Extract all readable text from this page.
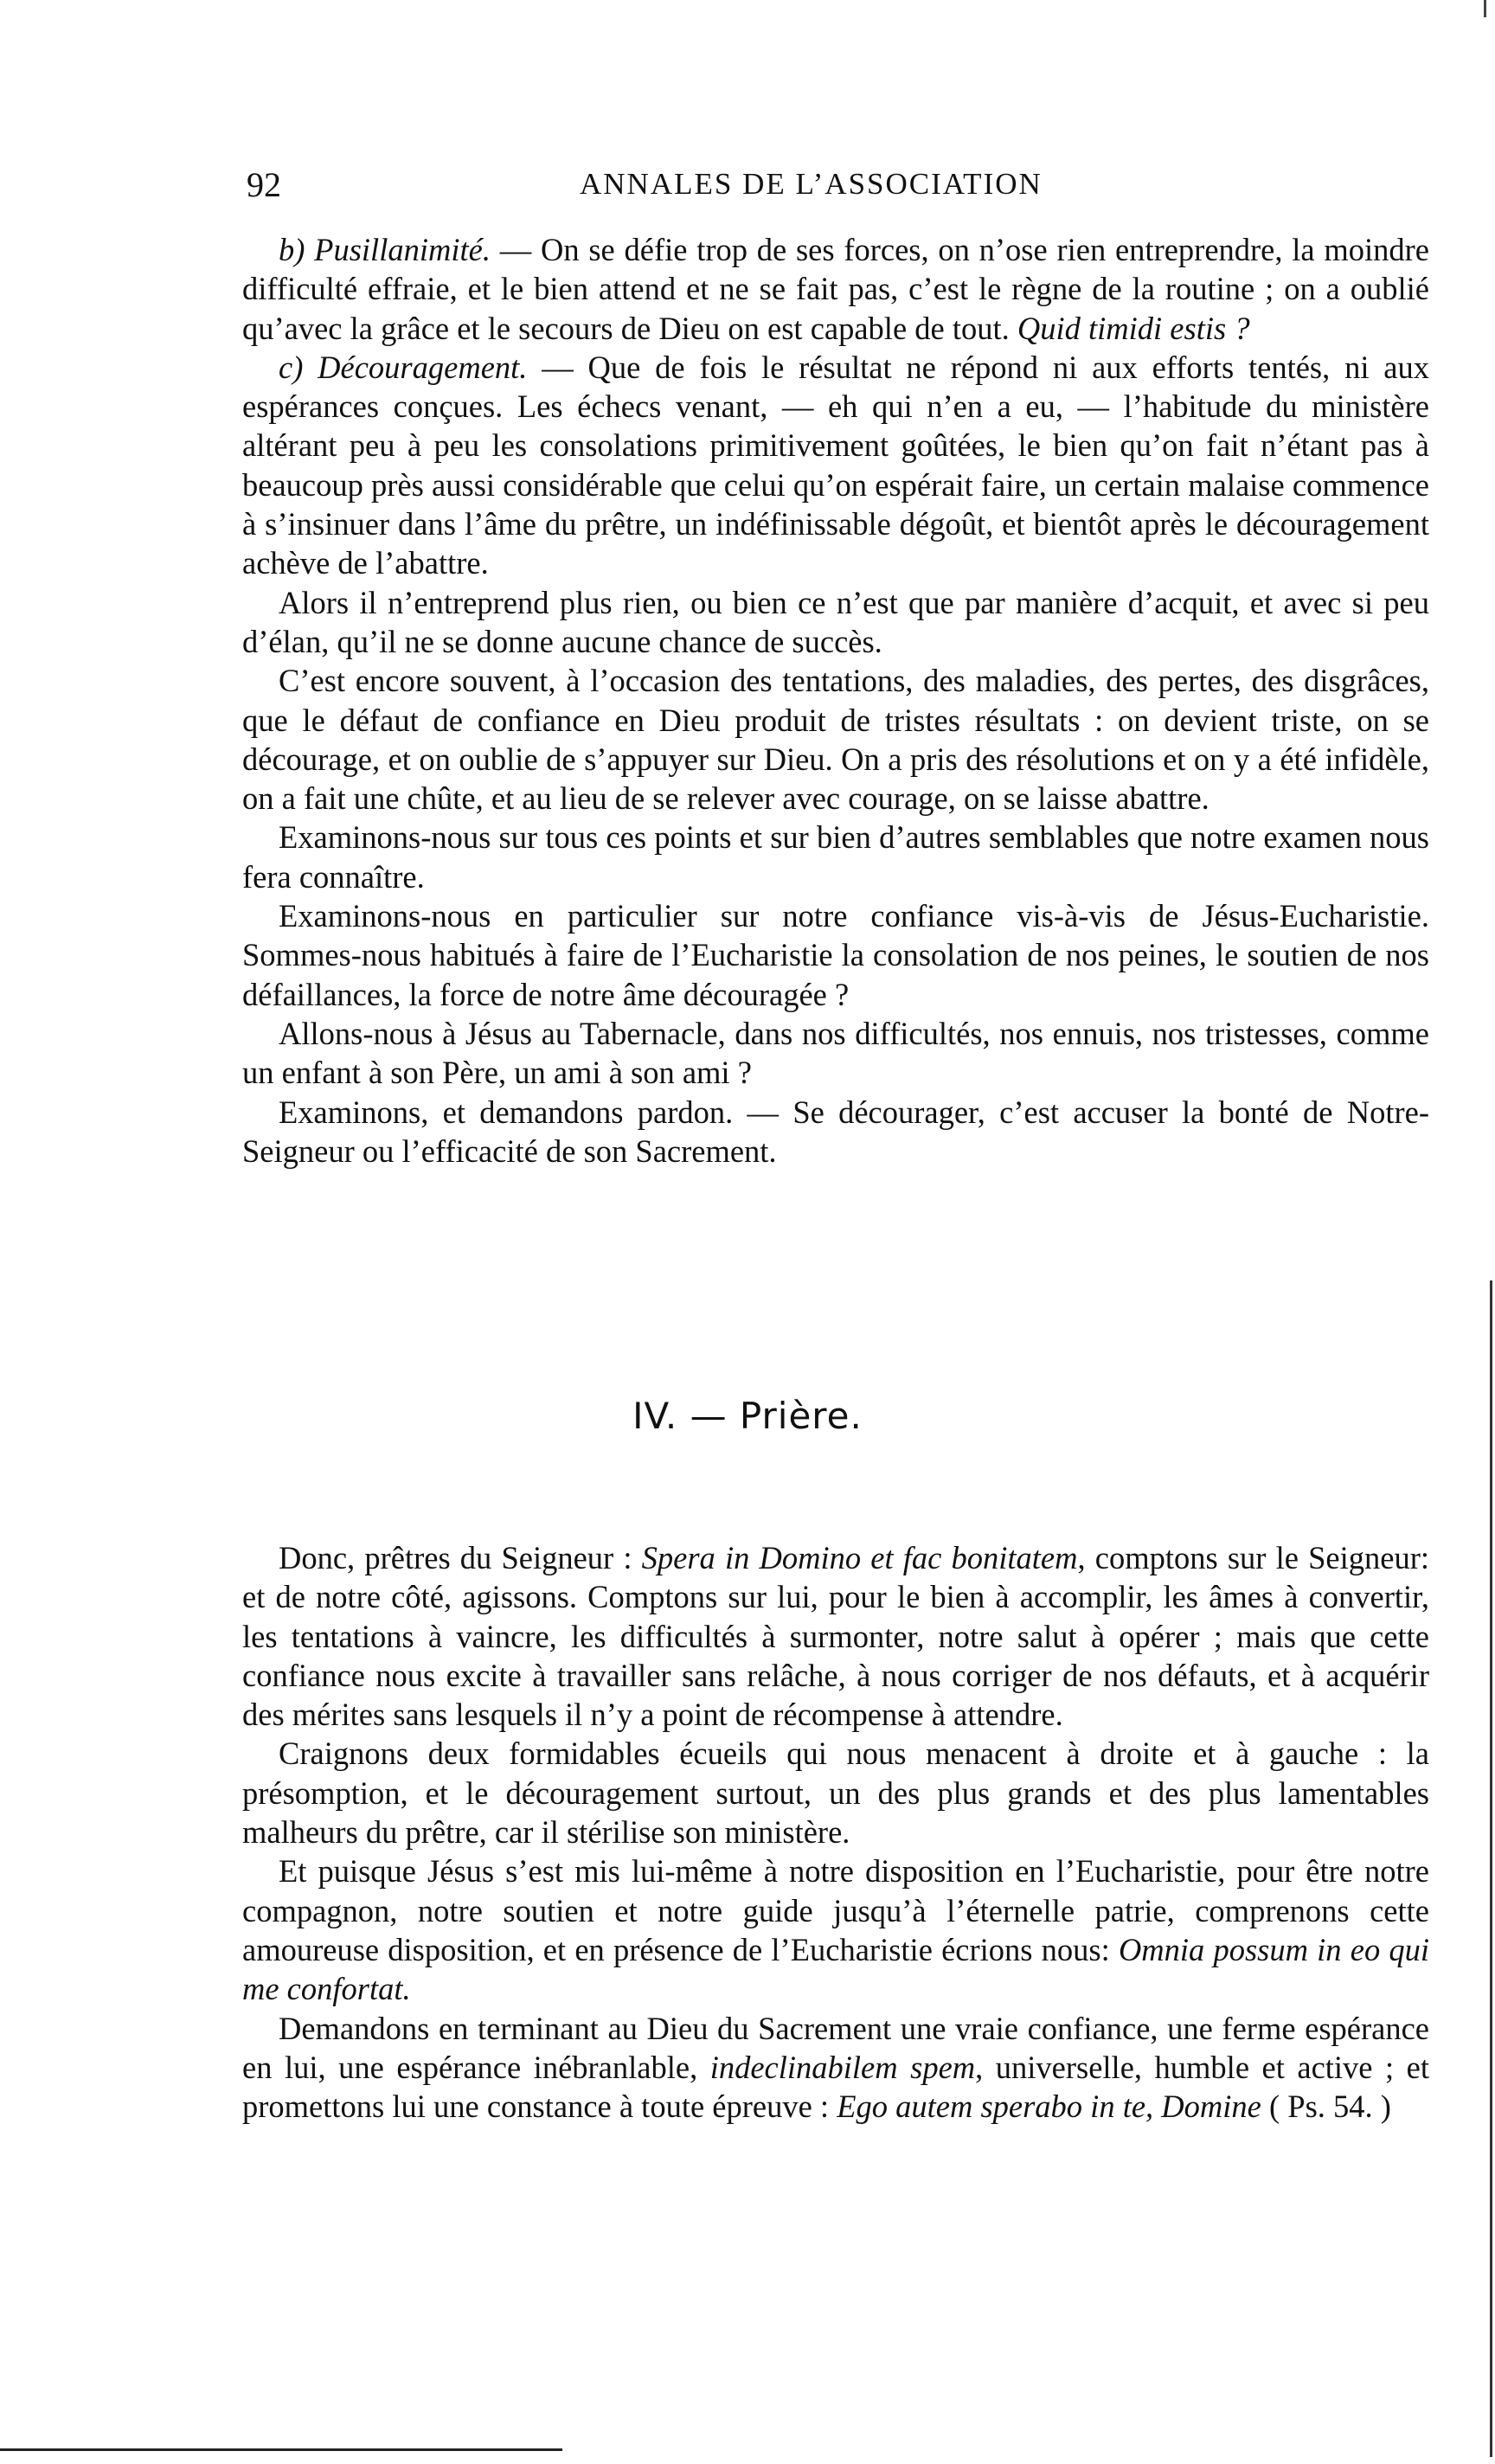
92	ANNALES DE L’ASSOCIATION

b) Pusillanimité. — On se défie trop de ses forces, on n’ose rien entreprendre, la moindre difficulté effraie, et le bien attend et ne se fait pas, c’est le règne de la routine ; on a oublié qu’avec la grâce et le secours de Dieu on est capable de tout. Quid timidi estis ?

c) Découragement. — Que de fois le résultat ne répond ni aux efforts tentés, ni aux espérances conçues. Les échecs venant, — eh qui n’en a eu, — l’habitude du ministère altérant peu à peu les consolations primitivement goûtées, le bien qu’on fait n’étant pas à beaucoup près aussi considérable que celui qu’on espérait faire, un certain malaise commence à s’insinuer dans l’âme du prêtre, un indéfinissable dégoût, et bientôt après le découragement achève de l’abattre.

Alors il n’entreprend plus rien, ou bien ce n’est que par manière d’acquit, et avec si peu d’élan, qu’il ne se donne aucune chance de succès.

C’est encore souvent, à l’occasion des tentations, des maladies, des pertes, des disgrâces, que le défaut de confiance en Dieu produit de tristes résultats : on devient triste, on se décourage, et on oublie de s’appuyer sur Dieu. On a pris des résolutions et on y a été infidèle, on a fait une chûte, et au lieu de se relever avec courage, on se laisse abattre.

Examinons-nous sur tous ces points et sur bien d’autres semblables que notre examen nous fera connaître.

Examinons-nous en particulier sur notre confiance vis-à-vis de Jésus-Eucharistie. Sommes-nous habitués à faire de l’Eucharistie la consolation de nos peines, le soutien de nos défaillances, la force de notre âme découragée ?

Allons-nous à Jésus au Tabernacle, dans nos difficultés, nos ennuis, nos tristesses, comme un enfant à son Père, un ami à son ami ?

Examinons, et demandons pardon. — Se décourager, c’est accuser la bonté de Notre-Seigneur ou l’efficacité de son Sacrement.

IV. — Prière.

Donc, prêtres du Seigneur : Spera in Domino et fac bonitatem, comptons sur le Seigneur: et de notre côté, agissons. Comptons sur lui, pour le bien à accomplir, les âmes à convertir, les tentations à vaincre, les difficultés à surmonter, notre salut à opérer ; mais que cette confiance nous excite à travailler sans relâche, à nous corriger de nos défauts, et à acquérir des mérites sans lesquels il n’y a point de récompense à attendre.

Craignons deux formidables écueils qui nous menacent à droite et à gauche : la présomption, et le découragement surtout, un des plus grands et des plus lamentables malheurs du prêtre, car il stérilise son ministère.

Et puisque Jésus s’est mis lui-même à notre disposition en l’Eucharistie, pour être notre compagnon, notre soutien et notre guide jusqu’à l’éternelle patrie, comprenons cette amoureuse disposition, et en présence de l’Eucharistie écrions nous: Omnia possum in eo qui me confortat.

Demandons en terminant au Dieu du Sacrement une vraie confiance, une ferme espérance en lui, une espérance inébranlable, indeclinabilem spem, universelle, humble et active ; et promettons lui une constance à toute épreuve : Ego autem sperabo in te, Domine ( Ps. 54. )
